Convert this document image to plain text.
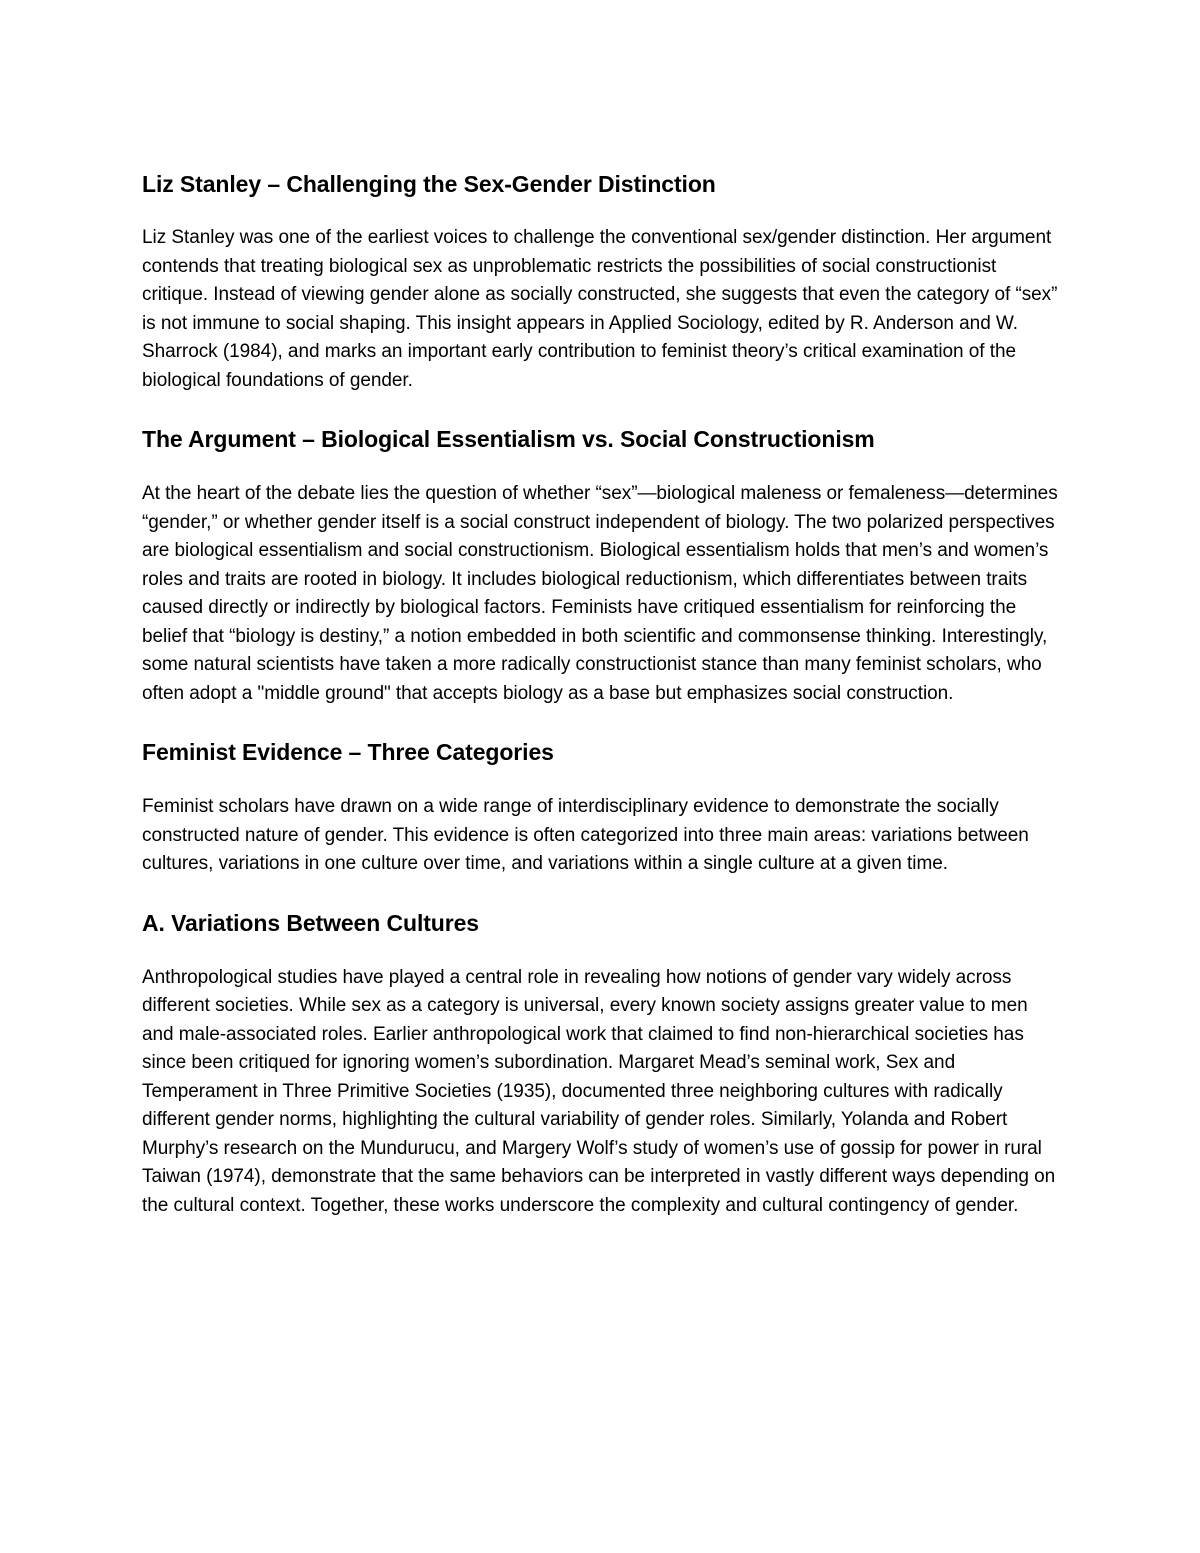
Liz Stanley – Challenging the Sex-Gender Distinction

Liz Stanley was one of the earliest voices to challenge the conventional sex/gender distinction. Her argument contends that treating biological sex as unproblematic restricts the possibilities of social constructionist critique. Instead of viewing gender alone as socially constructed, she suggests that even the category of “sex” is not immune to social shaping. This insight appears in Applied Sociology, edited by R. Anderson and W. Sharrock (1984), and marks an important early contribution to feminist theory’s critical examination of the biological foundations of gender.

The Argument – Biological Essentialism vs. Social Constructionism

At the heart of the debate lies the question of whether “sex”—biological maleness or femaleness—determines “gender,” or whether gender itself is a social construct independent of biology. The two polarized perspectives are biological essentialism and social constructionism. Biological essentialism holds that men’s and women’s roles and traits are rooted in biology. It includes biological reductionism, which differentiates between traits caused directly or indirectly by biological factors. Feminists have critiqued essentialism for reinforcing the belief that “biology is destiny,” a notion embedded in both scientific and commonsense thinking. Interestingly, some natural scientists have taken a more radically constructionist stance than many feminist scholars, who often adopt a "middle ground" that accepts biology as a base but emphasizes social construction.

Feminist Evidence – Three Categories

Feminist scholars have drawn on a wide range of interdisciplinary evidence to demonstrate the socially constructed nature of gender. This evidence is often categorized into three main areas: variations between cultures, variations in one culture over time, and variations within a single culture at a given time.

A. Variations Between Cultures

Anthropological studies have played a central role in revealing how notions of gender vary widely across different societies. While sex as a category is universal, every known society assigns greater value to men and male-associated roles. Earlier anthropological work that claimed to find non-hierarchical societies has since been critiqued for ignoring women’s subordination. Margaret Mead’s seminal work, Sex and Temperament in Three Primitive Societies (1935), documented three neighboring cultures with radically different gender norms, highlighting the cultural variability of gender roles. Similarly, Yolanda and Robert Murphy’s research on the Mundurucu, and Margery Wolf’s study of women’s use of gossip for power in rural Taiwan (1974), demonstrate that the same behaviors can be interpreted in vastly different ways depending on the cultural context. Together, these works underscore the complexity and cultural contingency of gender.
